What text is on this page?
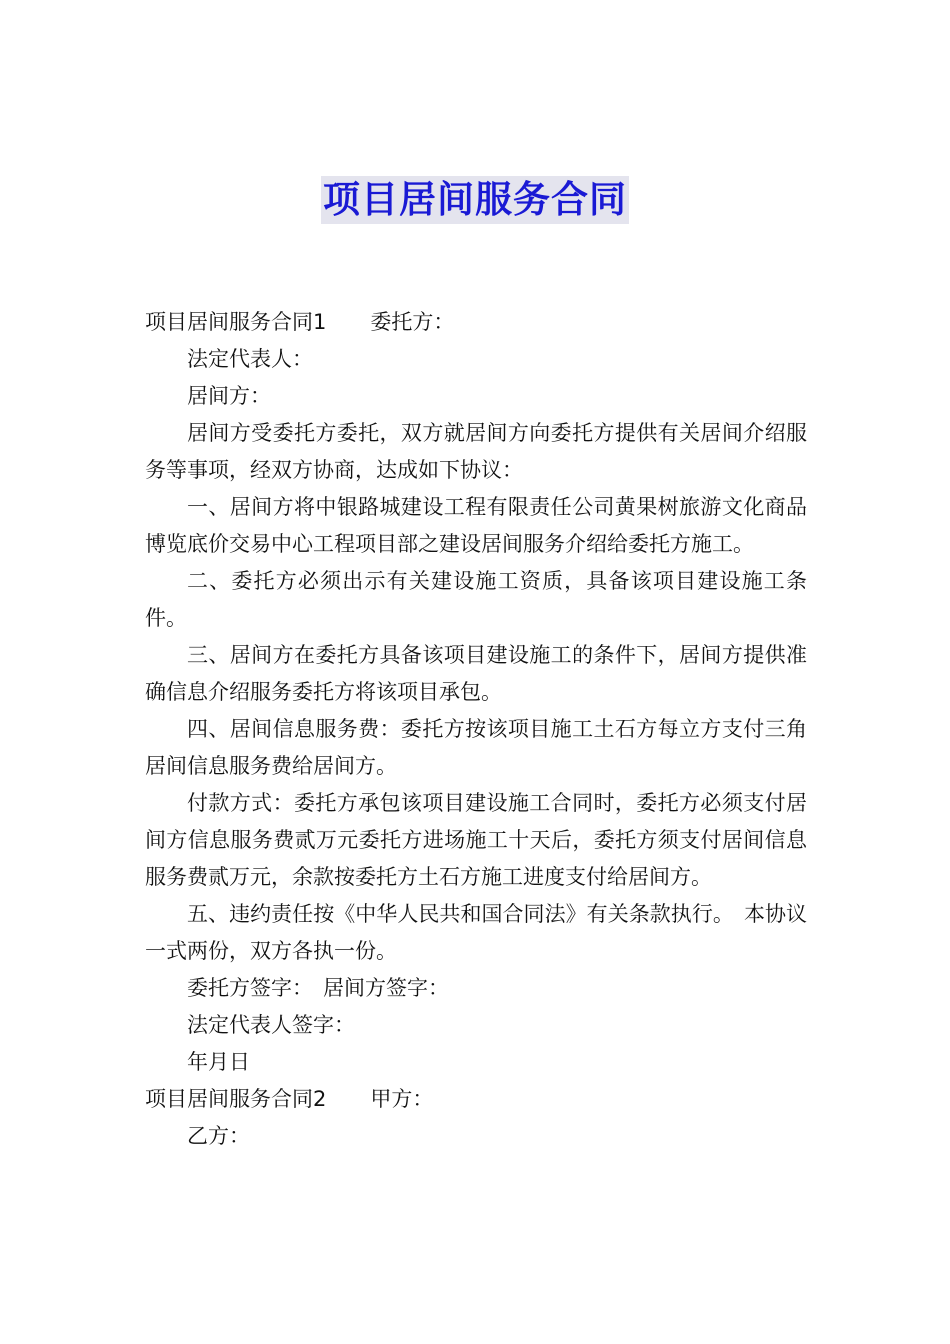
项目居间服务合同

项目居间服务合同1 委托方：

法定代表人：

居间方：

居间方受委托方委托，双方就居间方向委托方提供有关居间介绍服务等事项，经双方协商，达成如下协议：

一、居间方将中银路城建设工程有限责任公司黄果树旅游文化商品博览底价交易中心工程项目部之建设居间服务介绍给委托方施工。

二、委托方必须出示有关建设施工资质，具备该项目建设施工条件。

三、居间方在委托方具备该项目建设施工的条件下，居间方提供准确信息介绍服务委托方将该项目承包。

四、居间信息服务费：委托方按该项目施工土石方每立方支付三角居间信息服务费给居间方。

付款方式：委托方承包该项目建设施工合同时，委托方必须支付居间方信息服务费贰万元委托方进场施工十天后，委托方须支付居间信息服务费贰万元，余款按委托方土石方施工进度支付给居间方。

五、违约责任按《中华人民共和国合同法》有关条款执行。 本协议一式两份，双方各执一份。

委托方签字： 居间方签字：

法定代表人签字：

年月日

项目居间服务合同2 甲方：

乙方：
